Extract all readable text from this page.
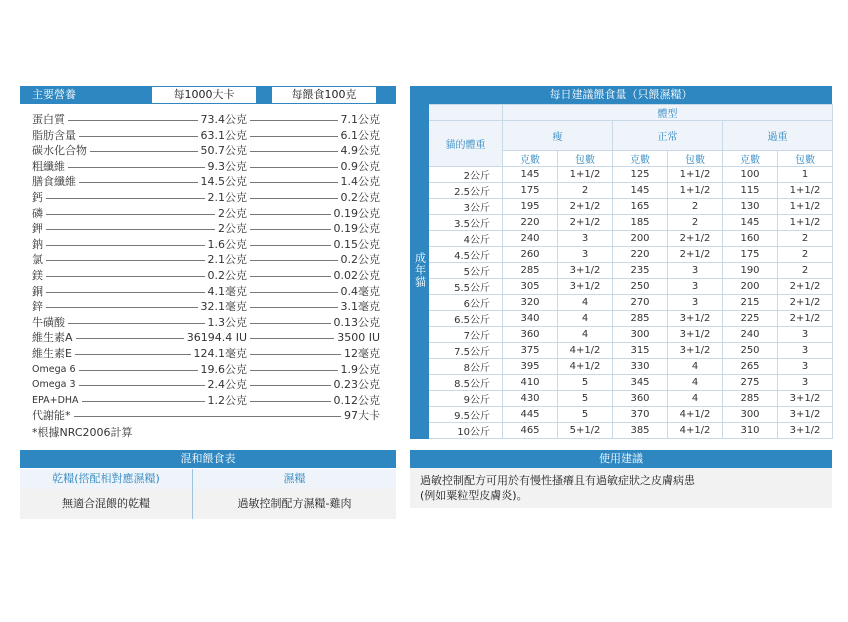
主要營養	每1000大卡	每餵食100克
蛋白質	73.4公克	7.1公克
脂肪含量	63.1公克	6.1公克
碳水化合物	50.7公克	4.9公克
粗纖維	9.3公克	0.9公克
膳食纖維	14.5公克	1.4公克
鈣	2.1公克	0.2公克
磷	2公克	0.19公克
鉀	2公克	0.19公克
鈉	1.6公克	0.15公克
氯	2.1公克	0.2公克
鎂	0.2公克	0.02公克
銅	4.1毫克	0.4毫克
鋅	32.1毫克	3.1毫克
牛磺酸	1.3公克	0.13公克
維生素A	36194.4 IU	3500 IU
維生素E	124.1毫克	12毫克
Omega 6	19.6公克	1.9公克
Omega 3	2.4公克	0.23公克
EPA+DHA	1.2公克	0.12公克
代謝能*	97大卡
*根據NRC2006計算
每日建議餵食量（只餵濕糧）
成年貓		體型					
	貓的體重	瘦		正常		過重	
		克數	包數	克數	包數	克數	包數
	2公斤	145	1+1/2	125	1+1/2	100	1
	2.5公斤	175	2	145	1+1/2	115	1+1/2
	3公斤	195	2+1/2	165	2	130	1+1/2
	3.5公斤	220	2+1/2	185	2	145	1+1/2
	4公斤	240	3	200	2+1/2	160	2
	4.5公斤	260	3	220	2+1/2	175	2
	5公斤	285	3+1/2	235	3	190	2
	5.5公斤	305	3+1/2	250	3	200	2+1/2
	6公斤	320	4	270	3	215	2+1/2
	6.5公斤	340	4	285	3+1/2	225	2+1/2
	7公斤	360	4	300	3+1/2	240	3
	7.5公斤	375	4+1/2	315	3+1/2	250	3
	8公斤	395	4+1/2	330	4	265	3
	8.5公斤	410	5	345	4	275	3
	9公斤	430	5	360	4	285	3+1/2
	9.5公斤	445	5	370	4+1/2	300	3+1/2
	10公斤	465	5+1/2	385	4+1/2	310	3+1/2
混和餵食表
乾糧(搭配相對應濕糧)	濕糧
無適合混餵的乾糧	過敏控制配方濕糧-雞肉
使用建議
過敏控制配方可用於有慢性搔癢且有過敏症狀之皮膚病患
(例如粟粒型皮膚炎)。
